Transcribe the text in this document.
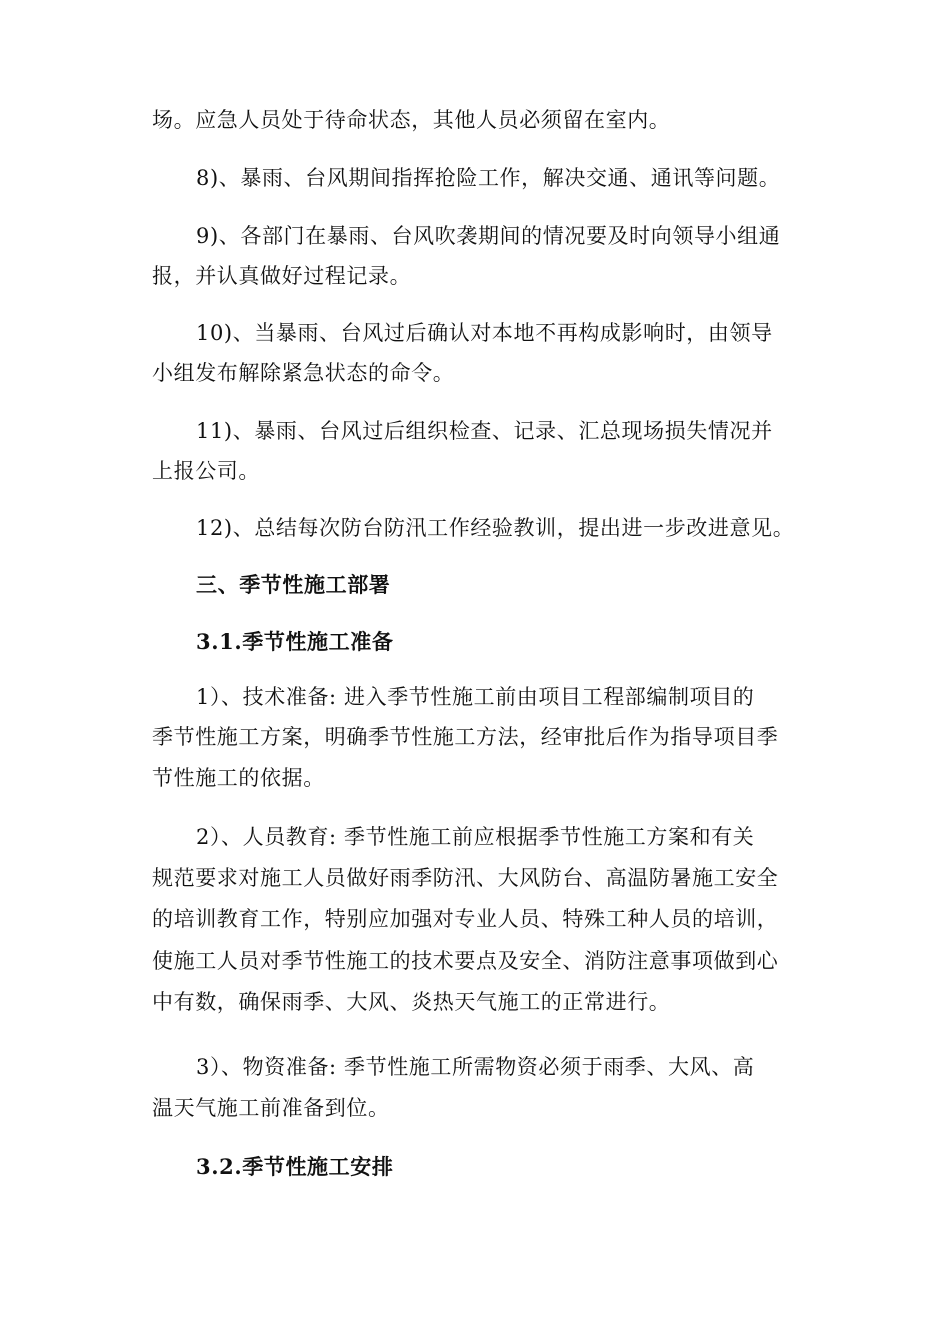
场。应急人员处于待命状态，其他人员必须留在室内。
8)、暴雨、台风期间指挥抢险工作，解决交通、通讯等问题。
9)、各部门在暴雨、台风吹袭期间的情况要及时向领导小组通
报，并认真做好过程记录。
10)、当暴雨、台风过后确认对本地不再构成影响时，由领导
小组发布解除紧急状态的命令。
11)、暴雨、台风过后组织检查、记录、汇总现场损失情况并
上报公司。
12)、总结每次防台防汛工作经验教训，提出进一步改进意见。
三、季节性施工部署
3.1.季节性施工准备
1）、技术准备: 进入季节性施工前由项目工程部编制项目的
季节性施工方案，明确季节性施工方法，经审批后作为指导项目季
节性施工的依据。
2）、人员教育: 季节性施工前应根据季节性施工方案和有关
规范要求对施工人员做好雨季防汛、大风防台、高温防暑施工安全
的培训教育工作，特别应加强对专业人员、特殊工种人员的培训，
使施工人员对季节性施工的技术要点及安全、消防注意事项做到心
中有数，确保雨季、大风、炎热天气施工的正常进行。
3）、物资准备: 季节性施工所需物资必须于雨季、大风、高
温天气施工前准备到位。
3.2.季节性施工安排
